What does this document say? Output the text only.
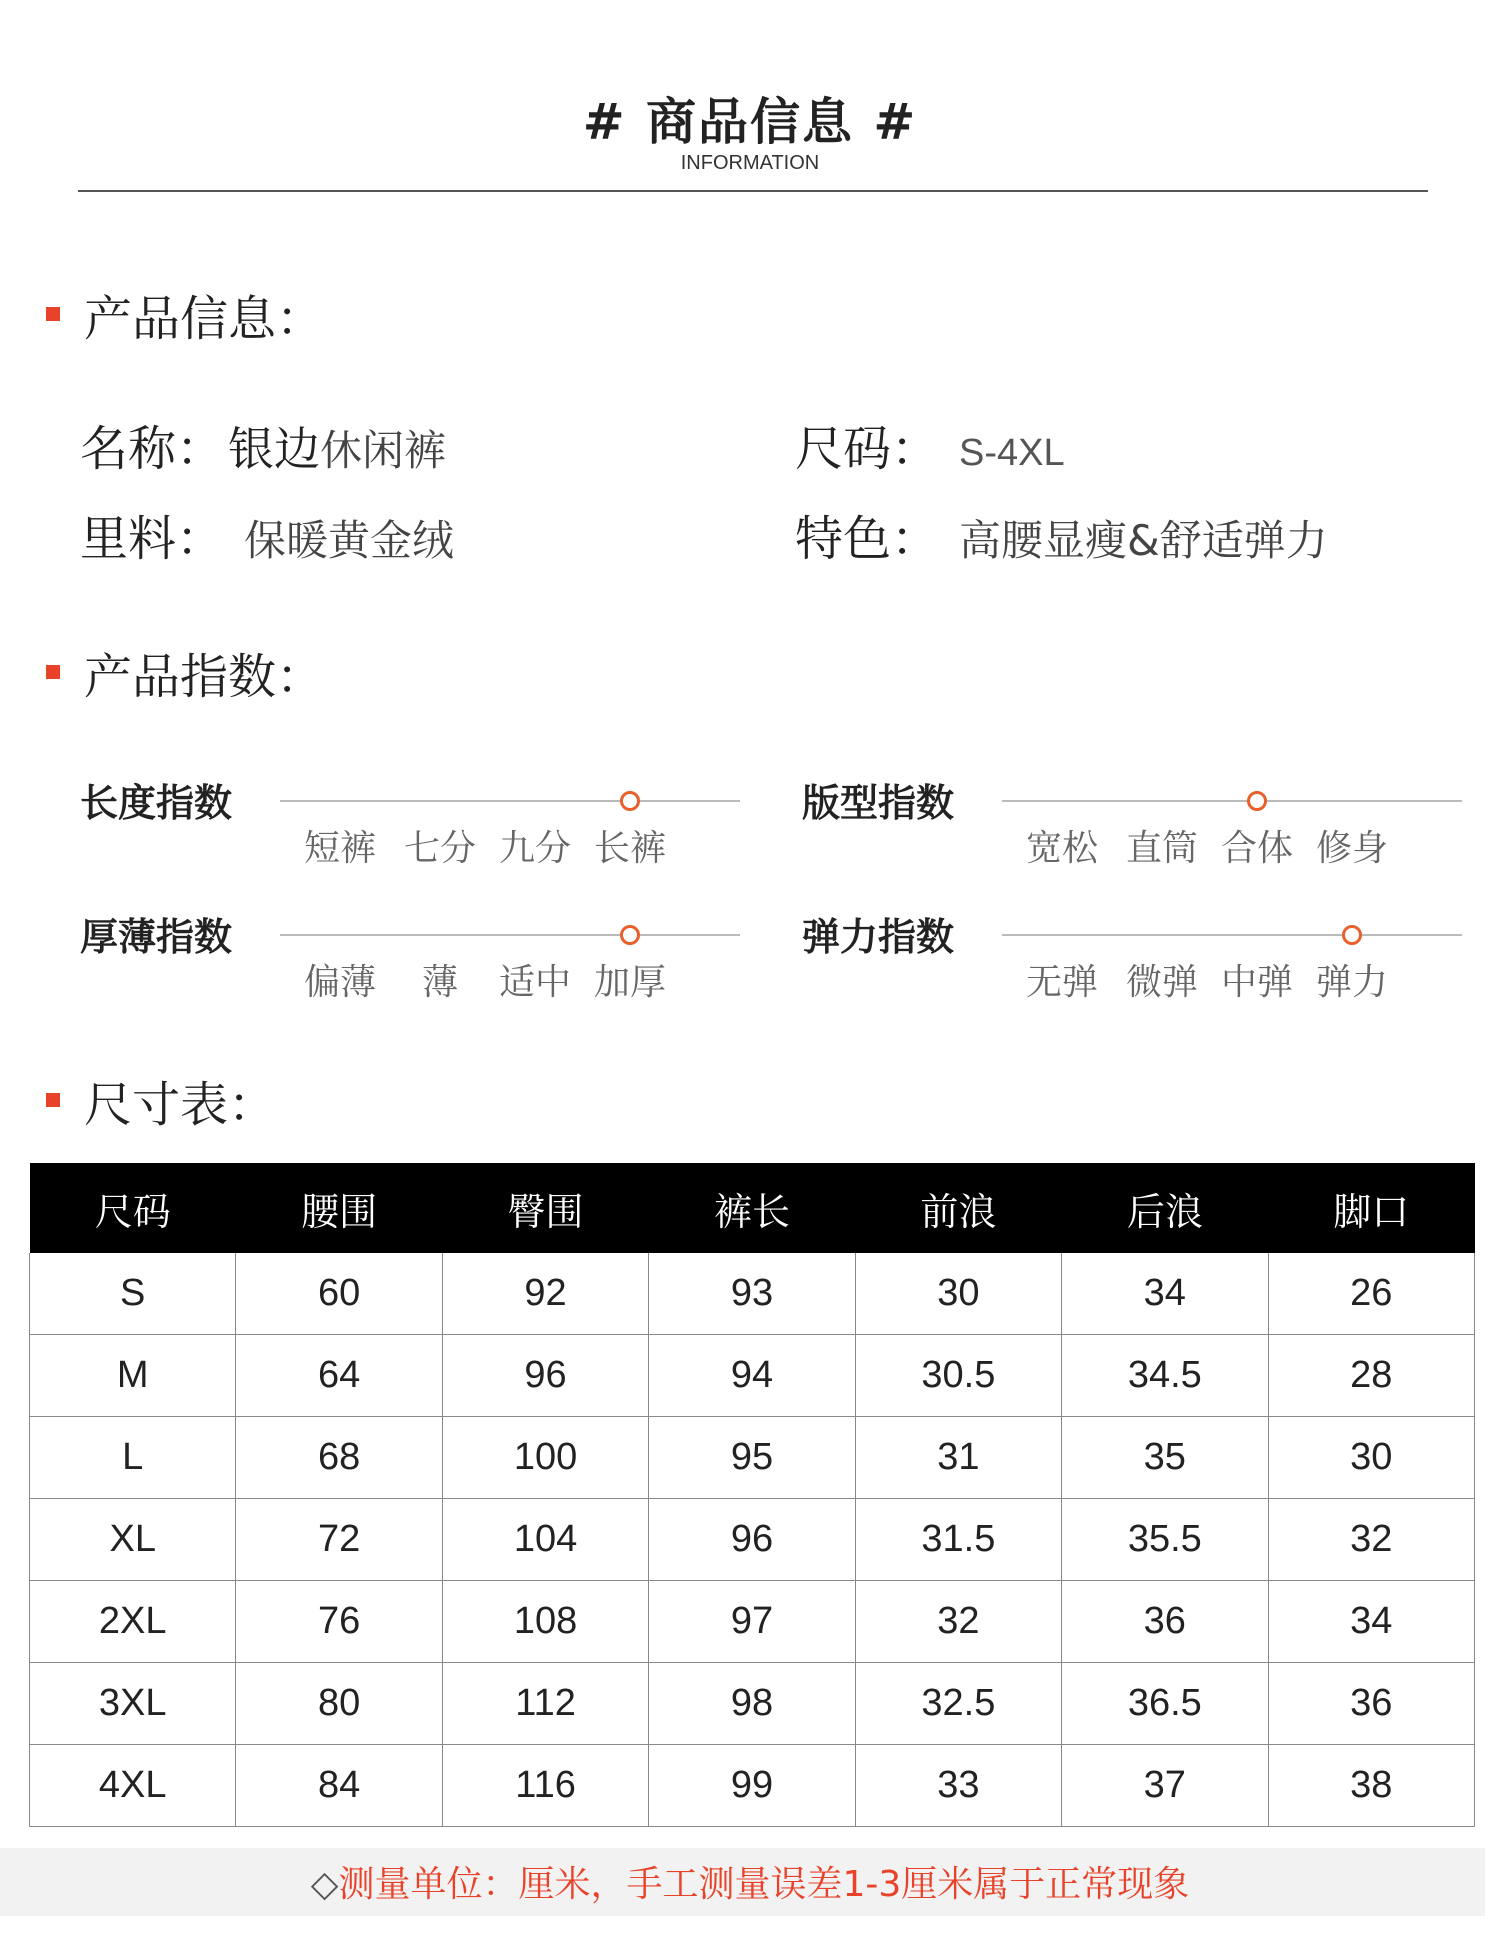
# 商品信息 #
INFORMATION
产品信息：
名称： 银边 休闲裤	尺码： S-4XL
里料： 保暖黄金绒	特色： 高腰显瘦&舒适弹力
产品指数：
长度指数
短裤 七分 九分 长裤
版型指数
宽松 直筒 合体 修身
厚薄指数
偏薄	薄	适中 加厚
弹力指数
无弹 微弹 中弹 弹力
尺寸表：
尺码	腰围	臀围	裤长	前浪	后浪	脚口
S	60	92	93	30	34	26
M	64	96	94	30.5	34.5	28
L	68	100	95	31	35	30
XL	72	104	96	31.5	35.5	32
2XL	76	108	97	32	36	34
3XL	80	112	98	32.5	36.5	36
4XL	84	116	99	33	37	38
◇测量单位：厘米，手工测量误差1-3厘米属于正常现象
